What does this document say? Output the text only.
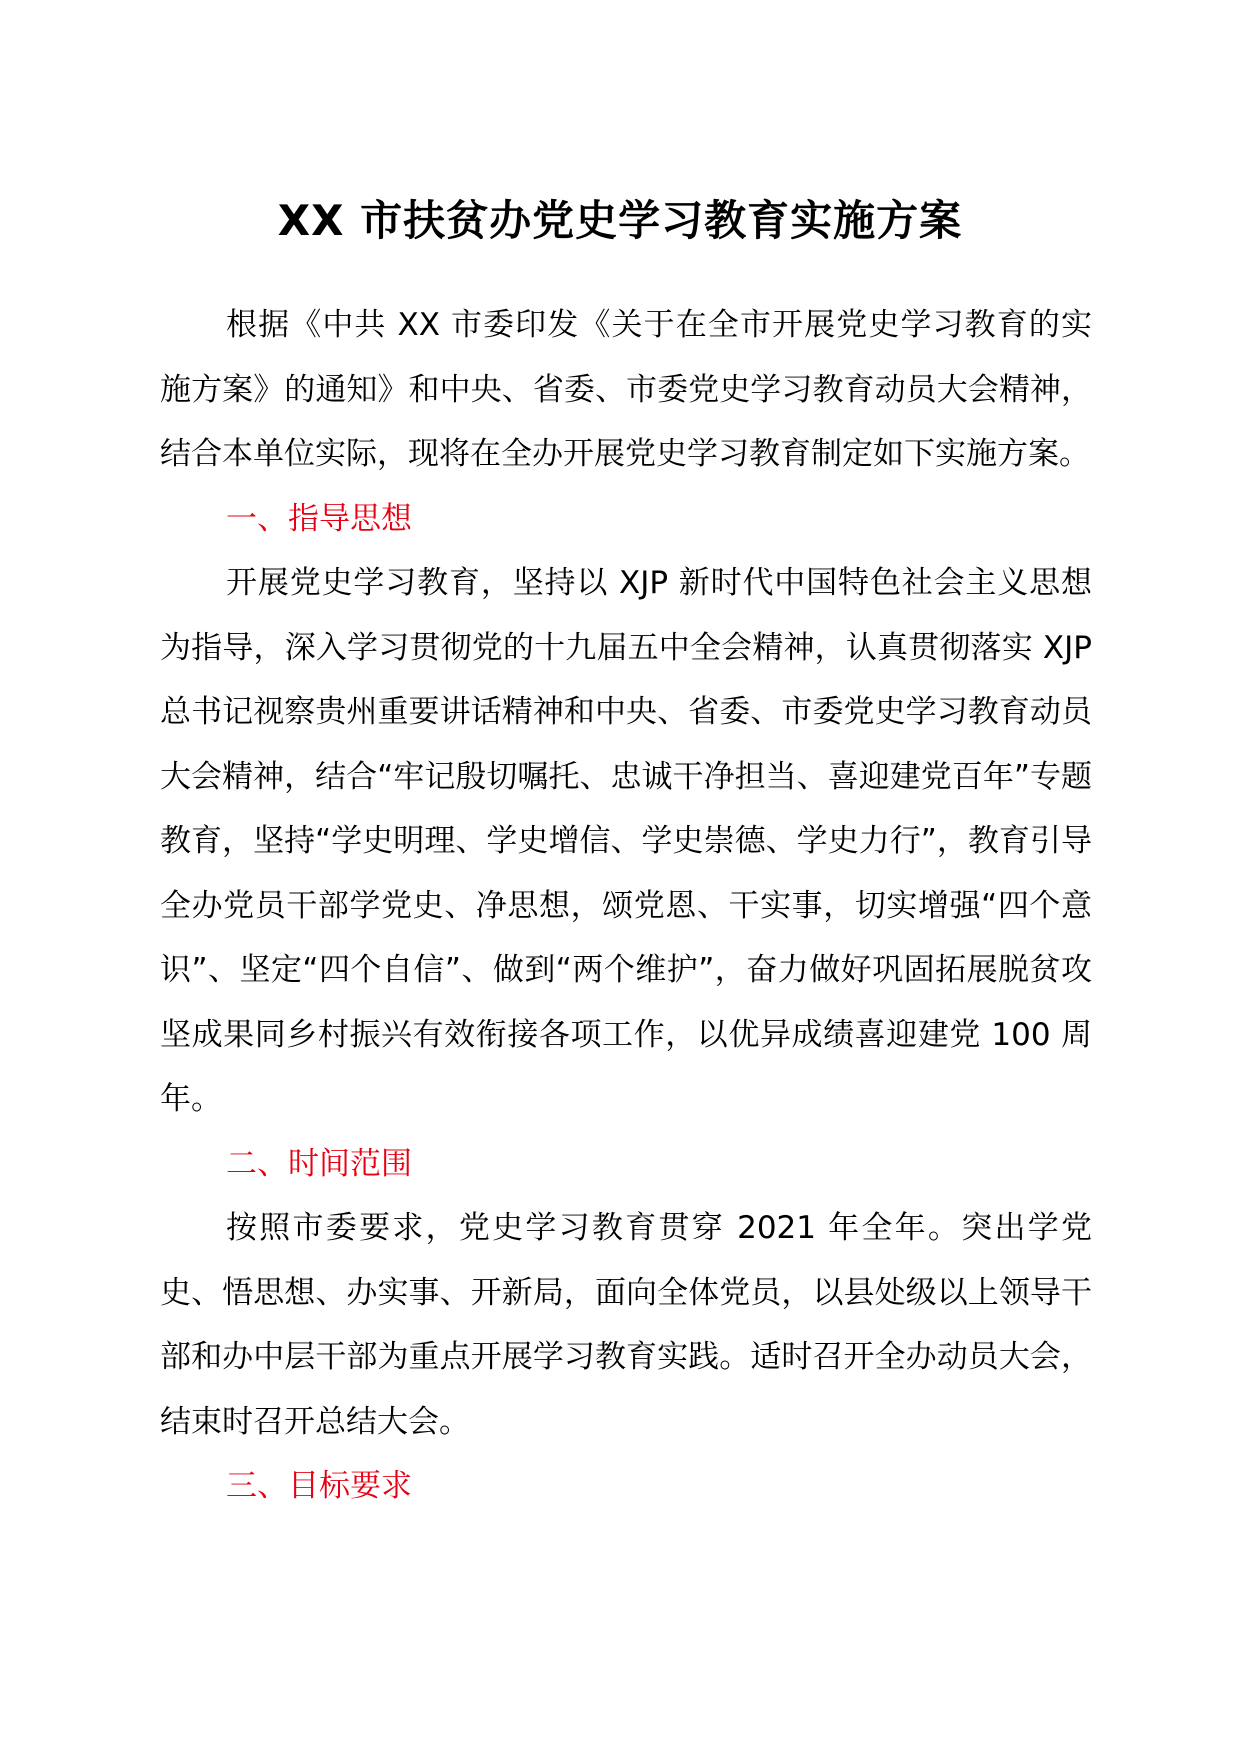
XX 市扶贫办党史学习教育实施方案

根据《中共 XX 市委印发《关于在全市开展党史学习教育的实施方案》的通知》和中央、省委、市委党史学习教育动员大会精神，结合本单位实际，现将在全办开展党史学习教育制定如下实施方案。

一、指导思想

开展党史学习教育，坚持以 XJP 新时代中国特色社会主义思想为指导，深入学习贯彻党的十九届五中全会精神，认真贯彻落实 XJP 总书记视察贵州重要讲话精神和中央、省委、市委党史学习教育动员大会精神，结合“牢记殷切嘱托、忠诚干净担当、喜迎建党百年”专题教育，坚持“学史明理、学史增信、学史崇德、学史力行”，教育引导全办党员干部学党史、净思想，颂党恩、干实事，切实增强“四个意识”、坚定“四个自信”、做到“两个维护”，奋力做好巩固拓展脱贫攻坚成果同乡村振兴有效衔接各项工作，以优异成绩喜迎建党 100 周年。

二、时间范围

按照市委要求，党史学习教育贯穿 2021 年全年。突出学党史、悟思想、办实事、开新局，面向全体党员，以县处级以上领导干部和办中层干部为重点开展学习教育实践。适时召开全办动员大会，结束时召开总结大会。

三、目标要求
